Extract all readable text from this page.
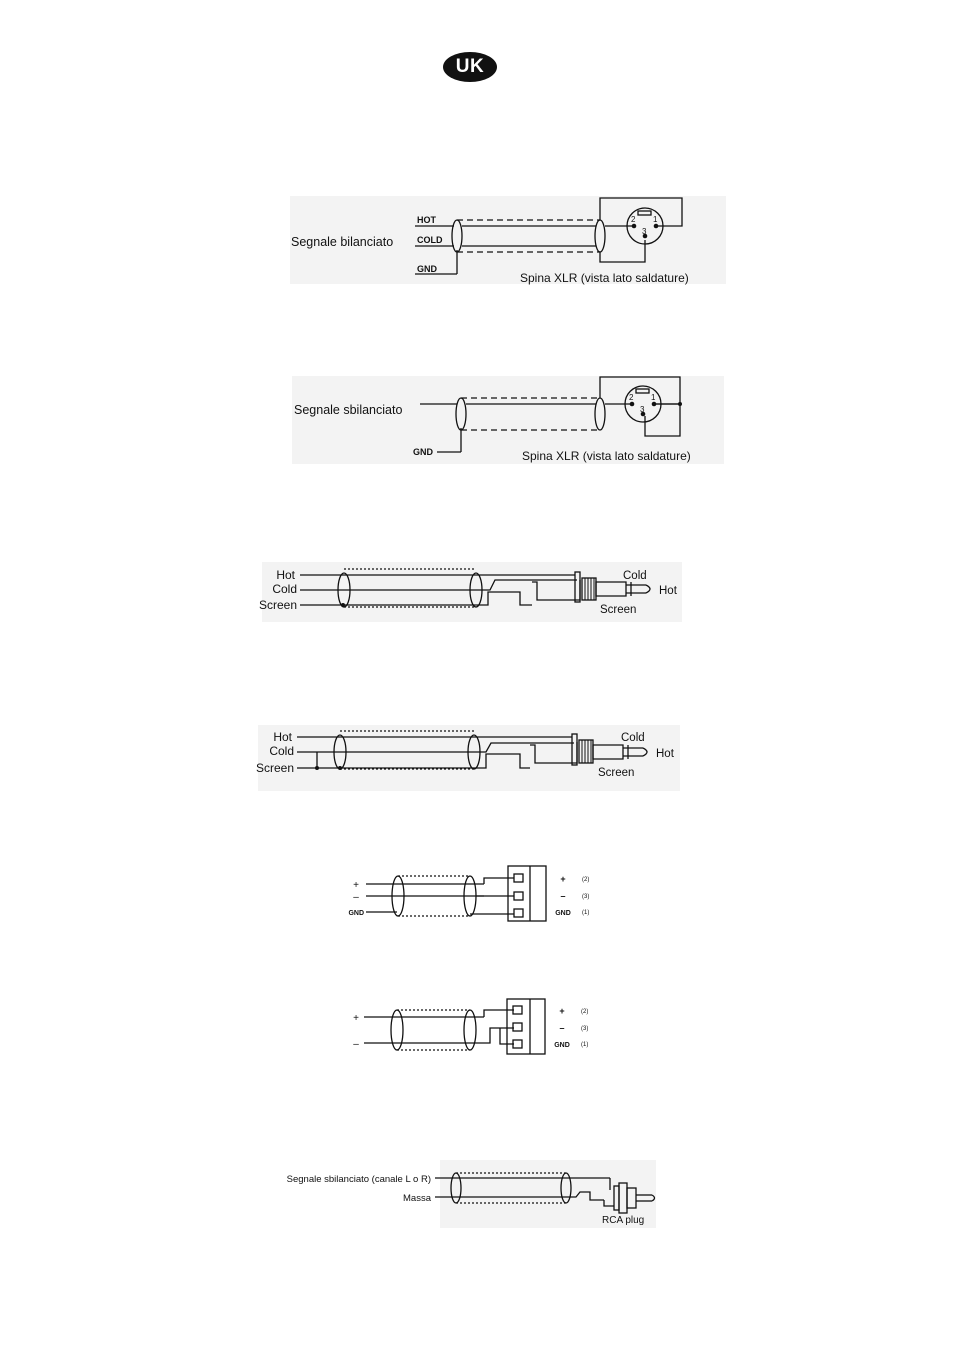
UK
Segnale bilanciato
HOT
COLD
GND
2 1
3
Spina XLR (vista lato saldature)
Segnale sbilanciato
GND
2 1
3
Spina XLR (vista lato saldature)
Hot
Cold
Screen
Cold
Hot
Screen
Hot
Cold
Screen
Cold
Hot
Screen
+
–
GND
+
–
GND
(2)
(3)
(1)
+
–
+
–
GND
(2)
(3)
(1)
Segnale sbilanciato (canale L o R)
Massa
RCA plug
